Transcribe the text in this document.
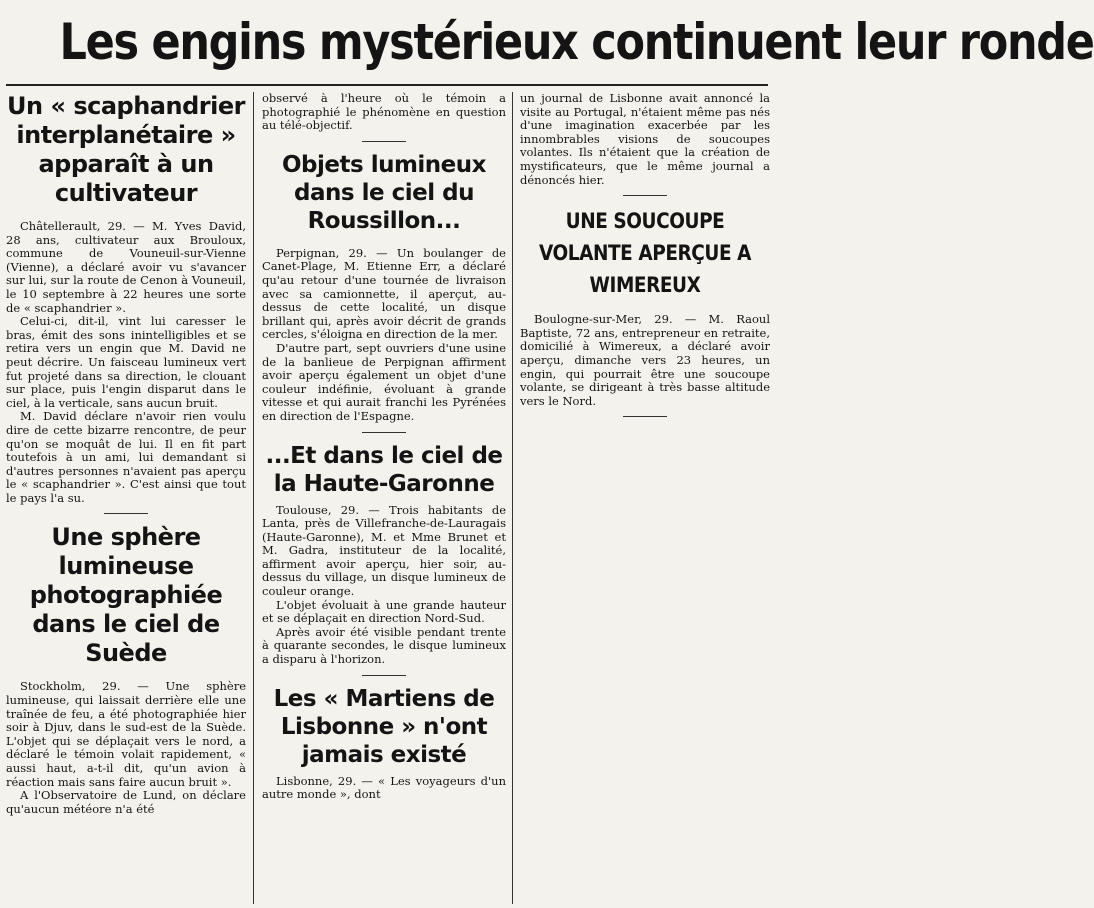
Les engins mystérieux continuent leur ronde
Un « scaphandrier interplanétaire » apparaît à un cultivateur

Châtellerault, 29. — M. Yves David, 28 ans, cultivateur aux Brouloux, commune de Vouneuil-sur-Vienne (Vienne), a déclaré avoir vu s'avancer sur lui, sur la route de Cenon à Vouneuil, le 10 septembre à 22 heures une sorte de « scaphandrier ».

Celui-ci, dit-il, vint lui caresser le bras, émit des sons inintelligibles et se retira vers un engin que M. David ne peut décrire. Un faisceau lumineux vert fut projeté dans sa direction, le clouant sur place, puis l'engin disparut dans le ciel, à la verticale, sans aucun bruit.

M. David déclare n'avoir rien voulu dire de cette bizarre rencontre, de peur qu'on se moquât de lui. Il en fit part toutefois à un ami, lui demandant si d'autres personnes n'avaient pas aperçu le « scaphandrier ». C'est ainsi que tout le pays l'a su.

Une sphère lumineuse photographiée dans le ciel de Suède

Stockholm, 29. — Une sphère lumineuse, qui laissait derrière elle une traînée de feu, a été photographiée hier soir à Djuv, dans le sud-est de la Suède. L'objet qui se déplaçait vers le nord, a déclaré le témoin volait rapidement, « aussi haut, a-t-il dit, qu'un avion à réaction mais sans faire aucun bruit ».

A l'Observatoire de Lund, on déclare qu'aucun météore n'a été

observé à l'heure où le témoin a photographié le phénomène en question au télé-objectif.

Objets lumineux dans le ciel du Roussillon...

Perpignan, 29. — Un boulanger de Canet-Plage, M. Etienne Err, a déclaré qu'au retour d'une tournée de livraison avec sa camionnette, il aperçut, au-dessus de cette localité, un disque brillant qui, après avoir décrit de grands cercles, s'éloigna en direction de la mer.

D'autre part, sept ouvriers d'une usine de la banlieue de Perpignan affirment avoir aperçu également un objet d'une couleur indéfinie, évoluant à grande vitesse et qui aurait franchi les Pyrénées en direction de l'Espagne.

...Et dans le ciel de la Haute-Garonne

Toulouse, 29. — Trois habitants de Lanta, près de Villefranche-de-Lauragais (Haute-Garonne), M. et Mme Brunet et M. Gadra, instituteur de la localité, affirment avoir aperçu, hier soir, au-dessus du village, un disque lumineux de couleur orange.

L'objet évoluait à une grande hauteur et se déplaçait en direction Nord-Sud.

Après avoir été visible pendant trente à quarante secondes, le disque lumineux a disparu à l'horizon.

Les « Martiens de Lisbonne » n'ont jamais existé

Lisbonne, 29. — « Les voyageurs d'un autre monde », dont

un journal de Lisbonne avait annoncé la visite au Portugal, n'étaient même pas nés d'une imagination exacerbée par les innombrables visions de soucoupes volantes. Ils n'étaient que la création de mystificateurs, que le même journal a dénoncés hier.

UNE SOUCOUPE VOLANTE APERÇUE A WIMEREUX

Boulogne-sur-Mer, 29. — M. Raoul Baptiste, 72 ans, entrepreneur en retraite, domicilié à Wimereux, a déclaré avoir aperçu, dimanche vers 23 heures, un engin, qui pourrait être une soucoupe volante, se dirigeant à très basse altitude vers le Nord.
